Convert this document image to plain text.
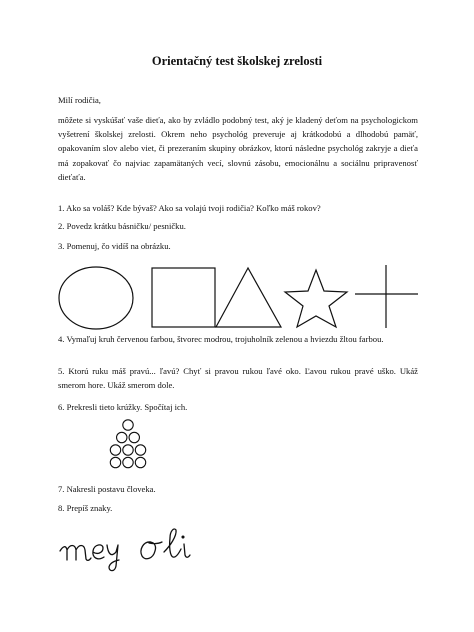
Orientačný test školskej zrelosti
Milí rodičia,
môžete si vyskúšať vaše dieťa, ako by zvládlo podobný test, aký je kladený deťom na psychologickom vyšetrení školskej zrelosti. Okrem neho psychológ preveruje aj krátkodobú a dlhodobú pamäť, opakovaním slov alebo viet, či prezeraním skupiny obrázkov, ktorú následne psychológ zakryje a dieťa má zopakovať čo najviac zapamätaných vecí, slovnú zásobu, emocionálnu a sociálnu pripravenosť dieťaťa.
1. Ako sa voláš? Kde bývaš? Ako sa volajú tvoji rodičia? Koľko máš rokov?
2. Povedz krátku básničku/ pesničku.
3. Pomenuj, čo vidíš na obrázku.
4. Vymaľuj kruh červenou farbou, štvorec modrou, trojuholník zelenou a hviezdu žltou farbou.
5. Ktorú ruku máš pravú... ľavú? Chyť si pravou rukou ľavé oko. Ľavou rukou pravé uško. Ukáž smerom hore. Ukáž smerom dole.
6. Prekresli tieto krúžky. Spočítaj ich.
7. Nakresli postavu človeka.
8. Prepíš znaky.
